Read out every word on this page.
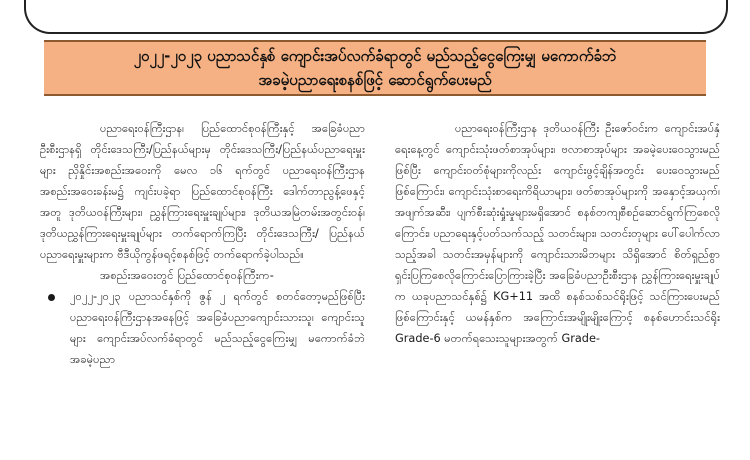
၂၀၂၂-၂၀၂၃ ပညာသင်နှစ် ကျောင်းအပ်လက်ခံရာတွင် မည်သည့်ငွေကြေးမျှ မကောက်ခံဘဲ
အခမဲ့ပညာရေးစနစ်ဖြင့် ဆောင်ရွက်ပေးမည်

ပညာရေးဝန်ကြီးဌာန၊ ပြည်ထောင်စုဝန်ကြီးနှင့် အခြေခံပညာဦးစီးဌာနရှိ တိုင်းဒေသကြီး/ပြည်နယ်များမှ တိုင်းဒေသကြီး/ပြည်နယ်ပညာရေးမှူးများ ညှိနှိုင်းအစည်းအဝေးကို မေလ ၁၆ ရက်တွင် ပညာရေးဝန်ကြီးဌာန အစည်းအဝေးခန်းမ၌ ကျင်းပခဲ့ရာ ပြည်ထောင်စုဝန်ကြီး ဒေါက်တာညွန့်ဖေနှင့်အတူ ဒုတိယဝန်ကြီးများ၊ ညွှန်ကြားရေးမှူးချုပ်များ၊ ဒုတိယအမြဲတမ်းအတွင်းဝန်၊ ဒုတိယညွှန်ကြားရေးမှူးချုပ်များ တက်ရောက်ကြပြီး တိုင်းဒေသကြီး/ ပြည်နယ် ပညာရေးမှူးများက ဗီဒီယိုကွန်ဖရင့်စနစ်ဖြင့် တက်ရောက်ခဲ့ပါသည်။

အစည်းအဝေးတွင် ပြည်ထောင်စုဝန်ကြီးက-

၂၀၂၂-၂၀၂၃ ပညာသင်နှစ်ကို ဇွန် ၂ ရက်တွင် စတင်တော့မည်ဖြစ်ပြီး ပညာရေးဝန်ကြီးဌာနအနေဖြင့် အခြေခံပညာကျောင်းသားသူ၊ ကျောင်းသူများ ကျောင်းအပ်လက်ခံရာတွင် မည်သည့်ငွေကြေးမျှ မကောက်ခံဘဲ အခမဲ့ပညာ

ပညာရေးဝန်ကြီးဌာန ဒုတိယဝန်ကြီး ဦးဇော်ဝင်းက ကျောင်းအပ်နှံရေးနေ့တွင် ကျောင်းသုံးဖတ်စာအုပ်များ၊ ဗလာစာအုပ်များ အခမဲ့ပေးဝေသွားမည်ဖြစ်ပြီး ကျောင်းဝတ်စုံများကိုလည်း ကျောင်းဖွင့်ချိန်အတွင်း ပေးဝေသွားမည်ဖြစ်ကြောင်း၊ ကျောင်းသုံးစာရေးကိရိယာများ၊ ဖတ်စာအုပ်များကို အနှောင့်အယှက်၊ အဖျက်အဆီး၊ ပျက်စီးဆုံးရှုံးမှုများမရှိအောင် စနစ်တကျစီစဉ်ဆောင်ရွက်ကြစေလိုကြောင်း၊ ပညာရေးနှင့်ပတ်သက်သည့် သတင်းများ၊ သတင်းတုများ ပေါ်ပေါက်လာသည့်အခါ သတင်းအမှန်များကို ကျောင်းသားမိဘများ သိရှိအောင် စိတ်ရှည်စွာ ရှင်းပြကြစေလိုကြောင်းပြောကြားခဲ့ပြီး အခြေခံပညာဦးစီးဌာန ညွှန်ကြားရေးမှူးချုပ်က ယခုပညာသင်နှစ်၌ KG+11 အထိ စနစ်သစ်သင်ရိုးဖြင့် သင်ကြားပေးမည်ဖြစ်ကြောင်းနှင့် ယမန်နှစ်က အကြောင်းအမျိုးမျိုးကြောင့် စနစ်ဟောင်းသင်ရိုး Grade-6 မတက်ရသေးသူများအတွက် Grade-
